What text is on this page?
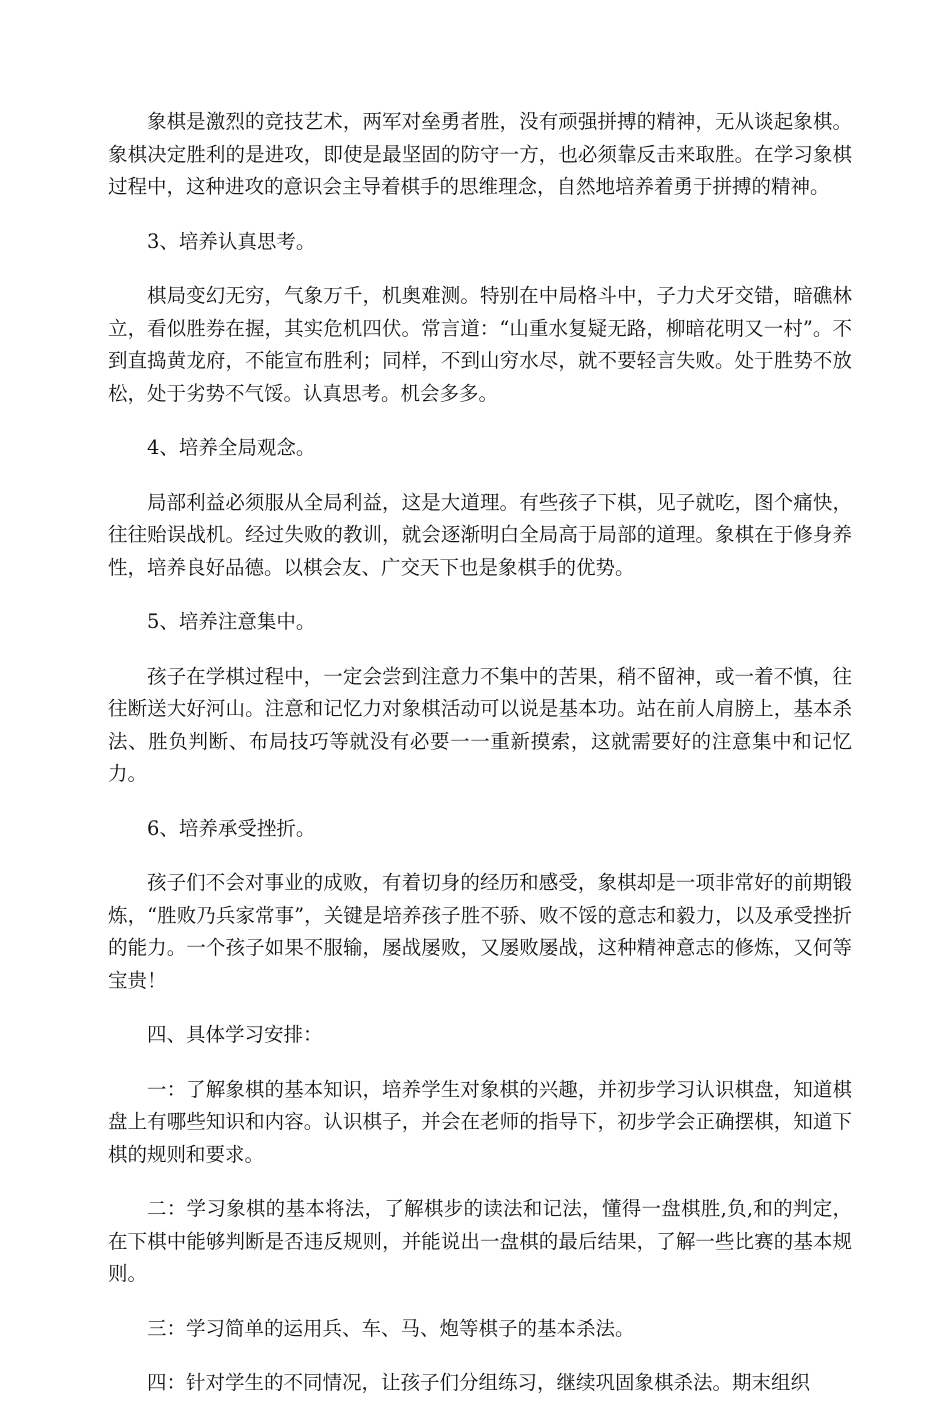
象棋是激烈的竞技艺术，两军对垒勇者胜，没有顽强拼搏的精神，无从谈起象棋。象棋决定胜利的是进攻，即使是最坚固的防守一方，也必须靠反击来取胜。在学习象棋过程中，这种进攻的意识会主导着棋手的思维理念，自然地培养着勇于拼搏的精神。

3、培养认真思考。

棋局变幻无穷，气象万千，机奥难测。特别在中局格斗中，子力犬牙交错，暗礁林立，看似胜券在握，其实危机四伏。常言道：“山重水复疑无路，柳暗花明又一村”。不到直捣黄龙府，不能宣布胜利；同样，不到山穷水尽，就不要轻言失败。处于胜势不放松，处于劣势不气馁。认真思考。机会多多。

4、培养全局观念。

局部利益必须服从全局利益，这是大道理。有些孩子下棋，见子就吃，图个痛快，往往贻误战机。经过失败的教训，就会逐渐明白全局高于局部的道理。象棋在于修身养性，培养良好品德。以棋会友、广交天下也是象棋手的优势。

5、培养注意集中。

孩子在学棋过程中，一定会尝到注意力不集中的苦果，稍不留神，或一着不慎，往往断送大好河山。注意和记忆力对象棋活动可以说是基本功。站在前人肩膀上，基本杀法、胜负判断、布局技巧等就没有必要一一重新摸索，这就需要好的注意集中和记忆力。

6、培养承受挫折。

孩子们不会对事业的成败，有着切身的经历和感受，象棋却是一项非常好的前期锻炼，“胜败乃兵家常事”，关键是培养孩子胜不骄、败不馁的意志和毅力，以及承受挫折的能力。一个孩子如果不服输，屡战屡败，又屡败屡战，这种精神意志的修炼，又何等宝贵！

四、具体学习安排：

一：了解象棋的基本知识，培养学生对象棋的兴趣，并初步学习认识棋盘，知道棋盘上有哪些知识和内容。认识棋子，并会在老师的指导下，初步学会正确摆棋，知道下棋的规则和要求。

二：学习象棋的基本将法，了解棋步的读法和记法，懂得一盘棋胜,负,和的判定，在下棋中能够判断是否违反规则，并能说出一盘棋的最后结果，了解一些比赛的基本规则。

三：学习简单的运用兵、车、马、炮等棋子的基本杀法。

四：针对学生的不同情况，让孩子们分组练习，继续巩固象棋杀法。期末组织
